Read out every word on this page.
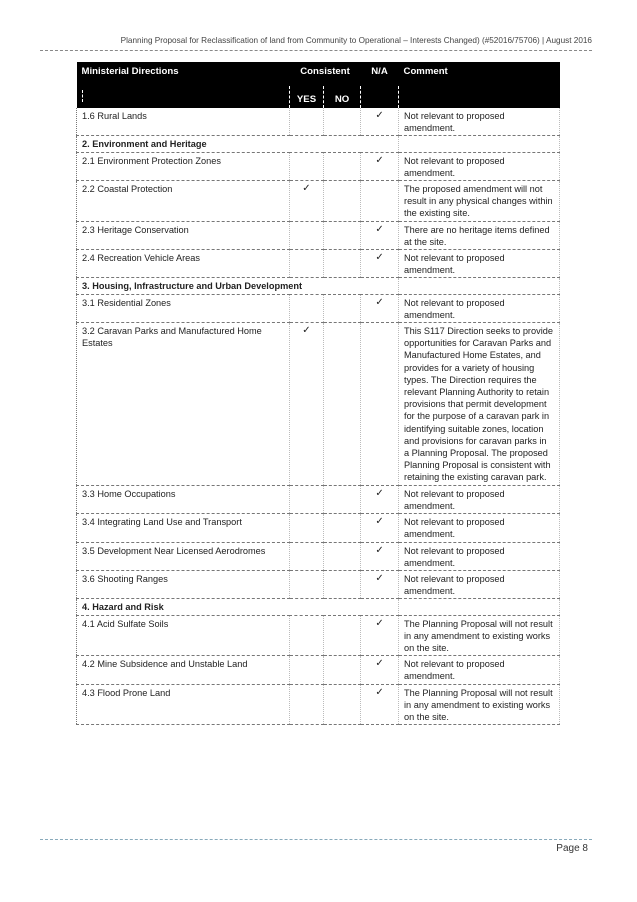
Planning Proposal for Reclassification of land from Community to Operational – Interests Changed) (#52016/75706) | August 2016
Ministerial Directions	Consistent		N/A	Comment
	YES	NO		
1.6 Rural Lands			✓	Not relevant to proposed amendment.
2. Environment and Heritage				
2.1 Environment Protection Zones			✓	Not relevant to proposed amendment.
2.2 Coastal Protection	✓			The proposed amendment will not result in any physical changes within the existing site.
2.3 Heritage Conservation			✓	There are no heritage items defined at the site.
2.4 Recreation Vehicle Areas			✓	Not relevant to proposed amendment.
3. Housing, Infrastructure and Urban Development				
3.1 Residential Zones			✓	Not relevant to proposed amendment.
3.2 Caravan Parks and Manufactured Home Estates	✓			This S117 Direction seeks to provide opportunities for Caravan Parks and Manufactured Home Estates, and provides for a variety of housing types. The Direction requires the relevant Planning Authority to retain provisions that permit development for the purpose of a caravan park in identifying suitable zones, location and provisions for caravan parks in a Planning Proposal. The proposed Planning Proposal is consistent with retaining the existing caravan park.
3.3 Home Occupations			✓	Not relevant to proposed amendment.
3.4 Integrating Land Use and Transport			✓	Not relevant to proposed amendment.
3.5 Development Near Licensed Aerodromes			✓	Not relevant to proposed amendment.
3.6 Shooting Ranges			✓	Not relevant to proposed amendment.
4. Hazard and Risk				
4.1 Acid Sulfate Soils			✓	The Planning Proposal will not result in any amendment to existing works on the site.
4.2 Mine Subsidence and Unstable Land			✓	Not relevant to proposed amendment.
4.3 Flood Prone Land			✓	The Planning Proposal will not result in any amendment to existing works on the site.
Page 8
